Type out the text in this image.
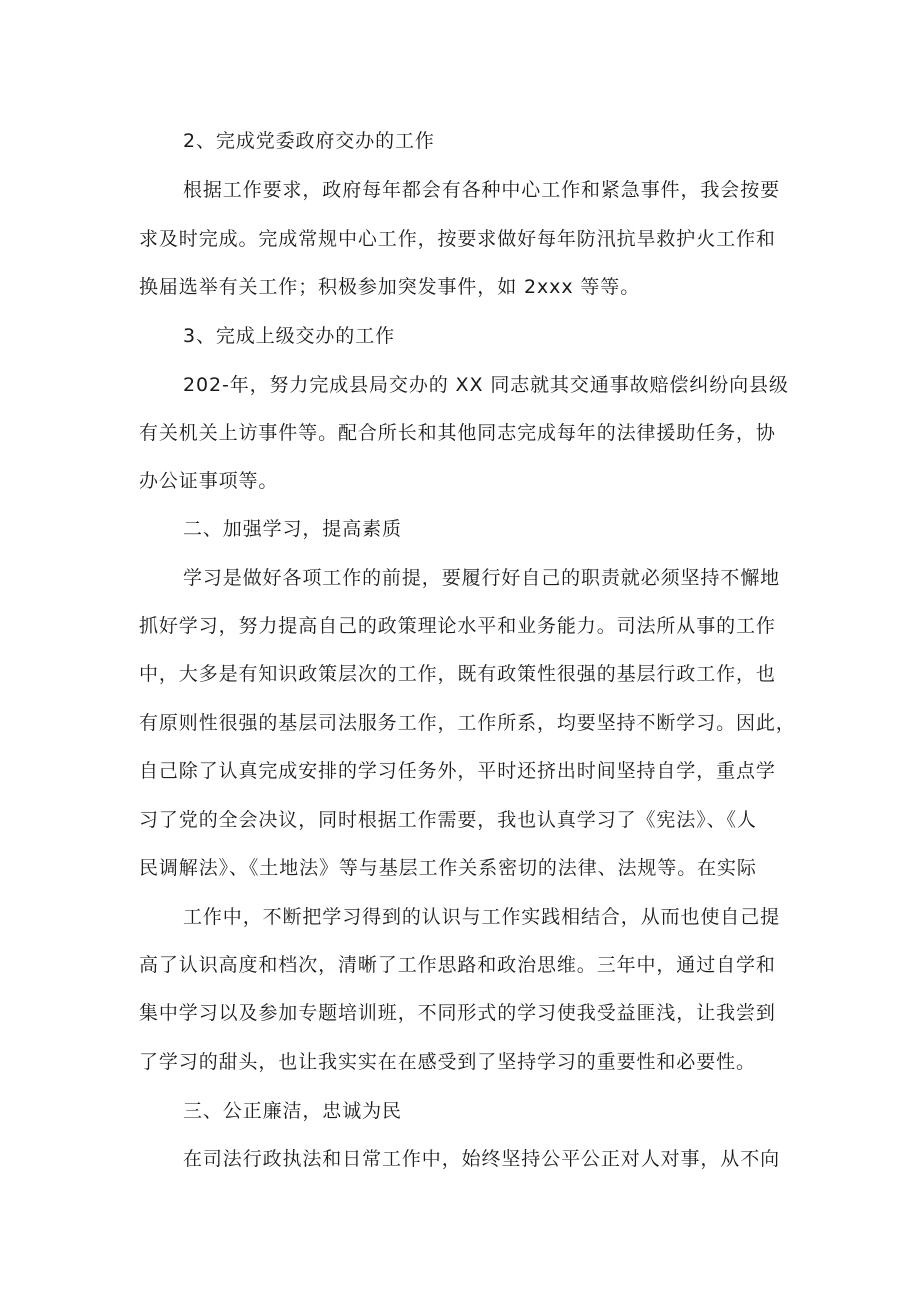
2、完成党委政府交办的工作
根据工作要求，政府每年都会有各种中心工作和紧急事件，我会按要
求及时完成。完成常规中心工作，按要求做好每年防汛抗旱救护火工作和
换届选举有关工作；积极参加突发事件，如 2xxx 等等。
3、完成上级交办的工作
202-年，努力完成县局交办的 XX 同志就其交通事故赔偿纠纷向县级
有关机关上访事件等。配合所长和其他同志完成每年的法律援助任务，协
办公证事项等。
二、加强学习，提高素质
学习是做好各项工作的前提，要履行好自己的职责就必须坚持不懈地
抓好学习，努力提高自己的政策理论水平和业务能力。司法所从事的工作
中，大多是有知识政策层次的工作，既有政策性很强的基层行政工作，也
有原则性很强的基层司法服务工作，工作所系，均要坚持不断学习。因此，
自己除了认真完成安排的学习任务外，平时还挤出时间坚持自学，重点学
习了党的全会决议，同时根据工作需要，我也认真学习了《宪法》、《人
民调解法》、《土地法》等与基层工作关系密切的法律、法规等。在实际
工作中，不断把学习得到的认识与工作实践相结合，从而也使自己提
高了认识高度和档次，清晰了工作思路和政治思维。三年中，通过自学和
集中学习以及参加专题培训班，不同形式的学习使我受益匪浅，让我尝到
了学习的甜头，也让我实实在在感受到了坚持学习的重要性和必要性。
三、公正廉洁，忠诚为民
在司法行政执法和日常工作中，始终坚持公平公正对人对事，从不向
